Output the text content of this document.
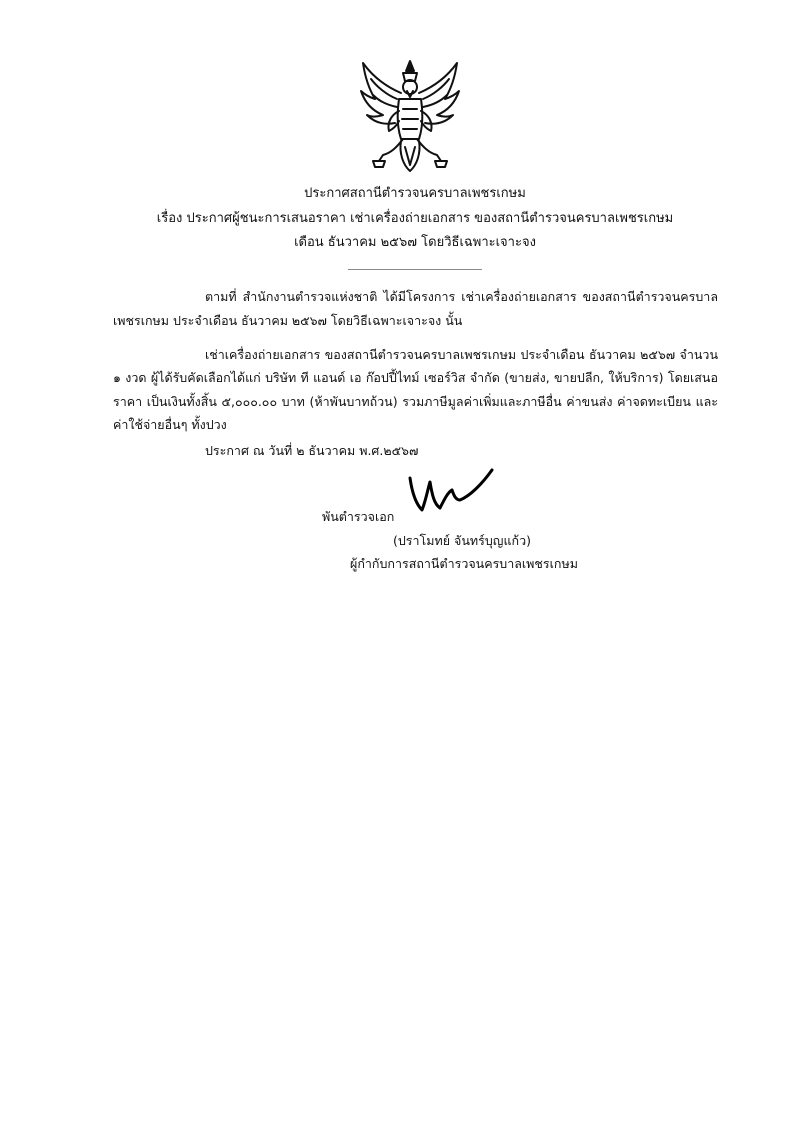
ประกาศสถานีตำรวจนครบาลเพชรเกษม
เรื่อง ประกาศผู้ชนะการเสนอราคา เช่าเครื่องถ่ายเอกสาร ของสถานีตำรวจนครบาลเพชรเกษม
เดือน ธันวาคม ๒๕๖๗ โดยวิธีเฉพาะเจาะจง
ตามที่ สำนักงานตำรวจแห่งชาติ ได้มีโครงการ เช่าเครื่องถ่ายเอกสาร ของสถานีตำรวจนครบาล
เพชรเกษม ประจำเดือน ธันวาคม ๒๕๖๗ โดยวิธีเฉพาะเจาะจง นั้น
เช่าเครื่องถ่ายเอกสาร ของสถานีตำรวจนครบาลเพชรเกษม ประจำเดือน ธันวาคม ๒๕๖๗ จำนวน
๑ งวด ผู้ได้รับคัดเลือกได้แก่ บริษัท ที แอนด์ เอ ก๊อปปี้ไทม์ เซอร์วิส จำกัด (ขายส่ง, ขายปลีก, ให้บริการ) โดยเสนอ
ราคา เป็นเงินทั้งสิ้น ๕,๐๐๐.๐๐ บาท (ห้าพันบาทถ้วน) รวมภาษีมูลค่าเพิ่มและภาษีอื่น ค่าขนส่ง ค่าจดทะเบียน และ
ค่าใช้จ่ายอื่นๆ ทั้งปวง
ประกาศ ณ วันที่ ๒ ธันวาคม พ.ศ.๒๕๖๗
พันตำรวจเอก
(ปราโมทย์ จันทร์บุญแก้ว)
ผู้กำกับการสถานีตำรวจนครบาลเพชรเกษม
